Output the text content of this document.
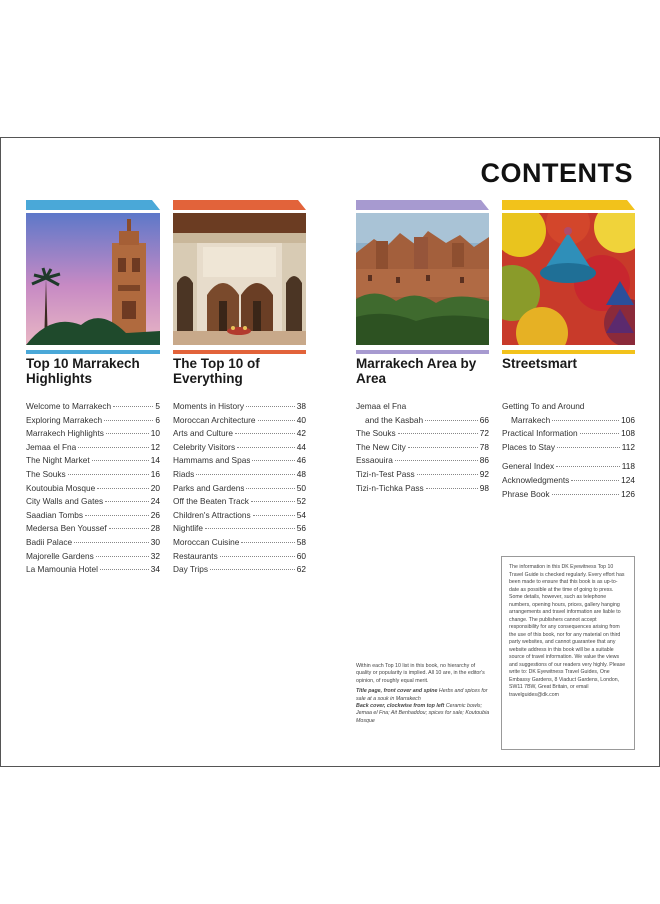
CONTENTS
Top 10 Marrakech Highlights
Welcome to Marrakech	5
Exploring Marrakech	6
Marrakech Highlights	10
Jemaa el Fna	12
The Night Market	14
The Souks	16
Koutoubia Mosque	20
City Walls and Gates	24
Saadian Tombs	26
Medersa Ben Youssef	28
Badii Palace	30
Majorelle Gardens	32
La Mamounia Hotel	34
The Top 10 of Everything
Moments in History	38
Moroccan Architecture	40
Arts and Culture	42
Celebrity Visitors	44
Hammams and Spas	46
Riads	48
Parks and Gardens	50
Off the Beaten Track	52
Children's Attractions	54
Nightlife	56
Moroccan Cuisine	58
Restaurants	60
Day Trips	62
Marrakech Area by Area
Jemaa el Fna
and the Kasbah	66
The Souks	72
The New City	78
Essaouira	86
Tizi-n-Test Pass	92
Tizi-n-Tichka Pass	98
Streetsmart
Getting To and Around
Marrakech	106
Practical Information	108
Places to Stay	112
General Index	118
Acknowledgments	124
Phrase Book	126

Within each Top 10 list in this book, no hierarchy of quality or popularity is implied. All 10 are, in the editor's opinion, of roughly equal merit.

Title page, front cover and spine Herbs and spices for sale at a souk in Marrakech
Back cover, clockwise from top left Ceramic bowls; Jemaa el Fna; Ait Benhaddou; spices for sale; Koutoubia Mosque

The information in this DK Eyewitness Top 10 Travel Guide is checked regularly. Every effort has been made to ensure that this book is as up-to-date as possible at the time of going to press. Some details, however, such as telephone numbers, opening hours, prices, gallery hanging arrangements and travel information are liable to change. The publishers cannot accept responsibility for any consequences arising from the use of this book, nor for any material on third party websites, and cannot guarantee that any website address in this book will be a suitable source of travel information. We value the views and suggestions of our readers very highly. Please write to: DK Eyewitness Travel Guides, One Embassy Gardens, 8 Viaduct Gardens, London, SW11 7BW, Great Britain, or email travelguides@dk.com
